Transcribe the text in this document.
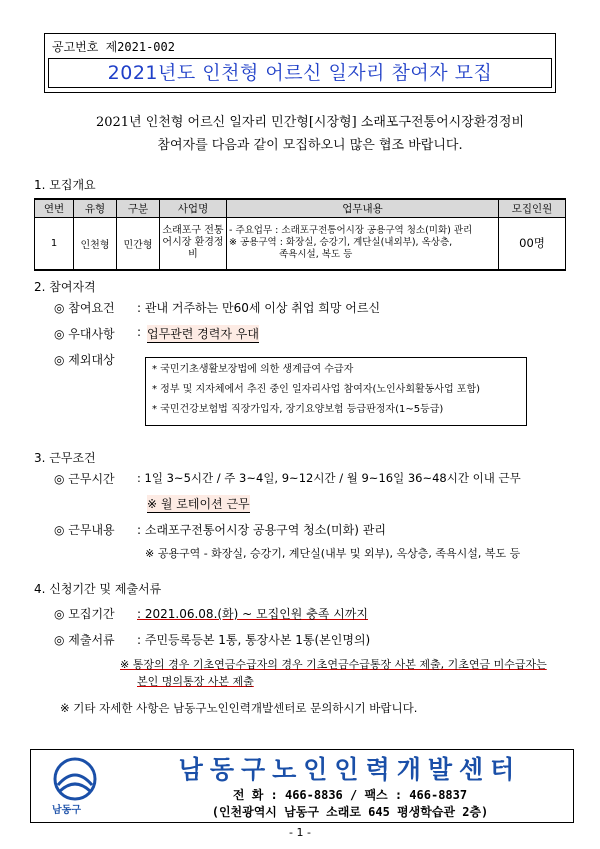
공고번호 제2021-002
2021년도 인천형 어르신 일자리 참여자 모집
2021년 인천형 어르신 일자리 민간형[시장형] 소래포구전통어시장환경정비
참여자를 다음과 같이 모집하오니 많은 협조 바랍니다.
1. 모집개요
연번	유형	구분	사업명	업무내용	모집인원
1	인천형	민간형	소래포구 전통어시장 환경정비	- 주요업무 : 소래포구전통어시장 공용구역 청소(미화) 관리
※ 공용구역 : 화장실, 승강기, 계단실(내외부), 옥상층,
족욕시설, 복도 등	00명
2. 참여자격
◎ 참여요건 : 관내 거주하는 만60세 이상 취업 희망 어르신
◎ 우대사항 : 업무관련 경력자 우대
◎ 제외대상
* 국민기초생활보장법에 의한 생계급여 수급자
* 정부 및 지자체에서 추진 중인 일자리사업 참여자(노인사회활동사업 포함)
* 국민건강보험법 직장가입자, 장기요양보험 등급판정자(1~5등급)
3. 근무조건
◎ 근무시간 : 1일 3~5시간 / 주 3~4일, 9~12시간 / 월 9~16일 36~48시간 이내 근무
※ 월 로테이션 근무
◎ 근무내용 : 소래포구전통어시장 공용구역 청소(미화) 관리
※ 공용구역 - 화장실, 승강기, 계단실(내부 및 외부), 옥상층, 족욕시설, 복도 등
4. 신청기간 및 제출서류
◎ 모집기간 : 2021.06.08.(화) ~ 모집인원 충족 시까지
◎ 제출서류 : 주민등록등본 1통, 통장사본 1통(본인명의)
※ 통장의 경우 기초연금수급자의 경우 기초연금수급통장 사본 제출, 기초연금 미수급자는
본인 명의통장 사본 제출
※ 기타 자세한 사항은 남동구노인인력개발센터로 문의하시기 바랍니다.
남동구
남동구노인인력개발센터
전 화 : 466-8836 / 팩스 : 466-8837
(인천광역시 남동구 소래로 645 평생학습관 2층)
- 1 -
